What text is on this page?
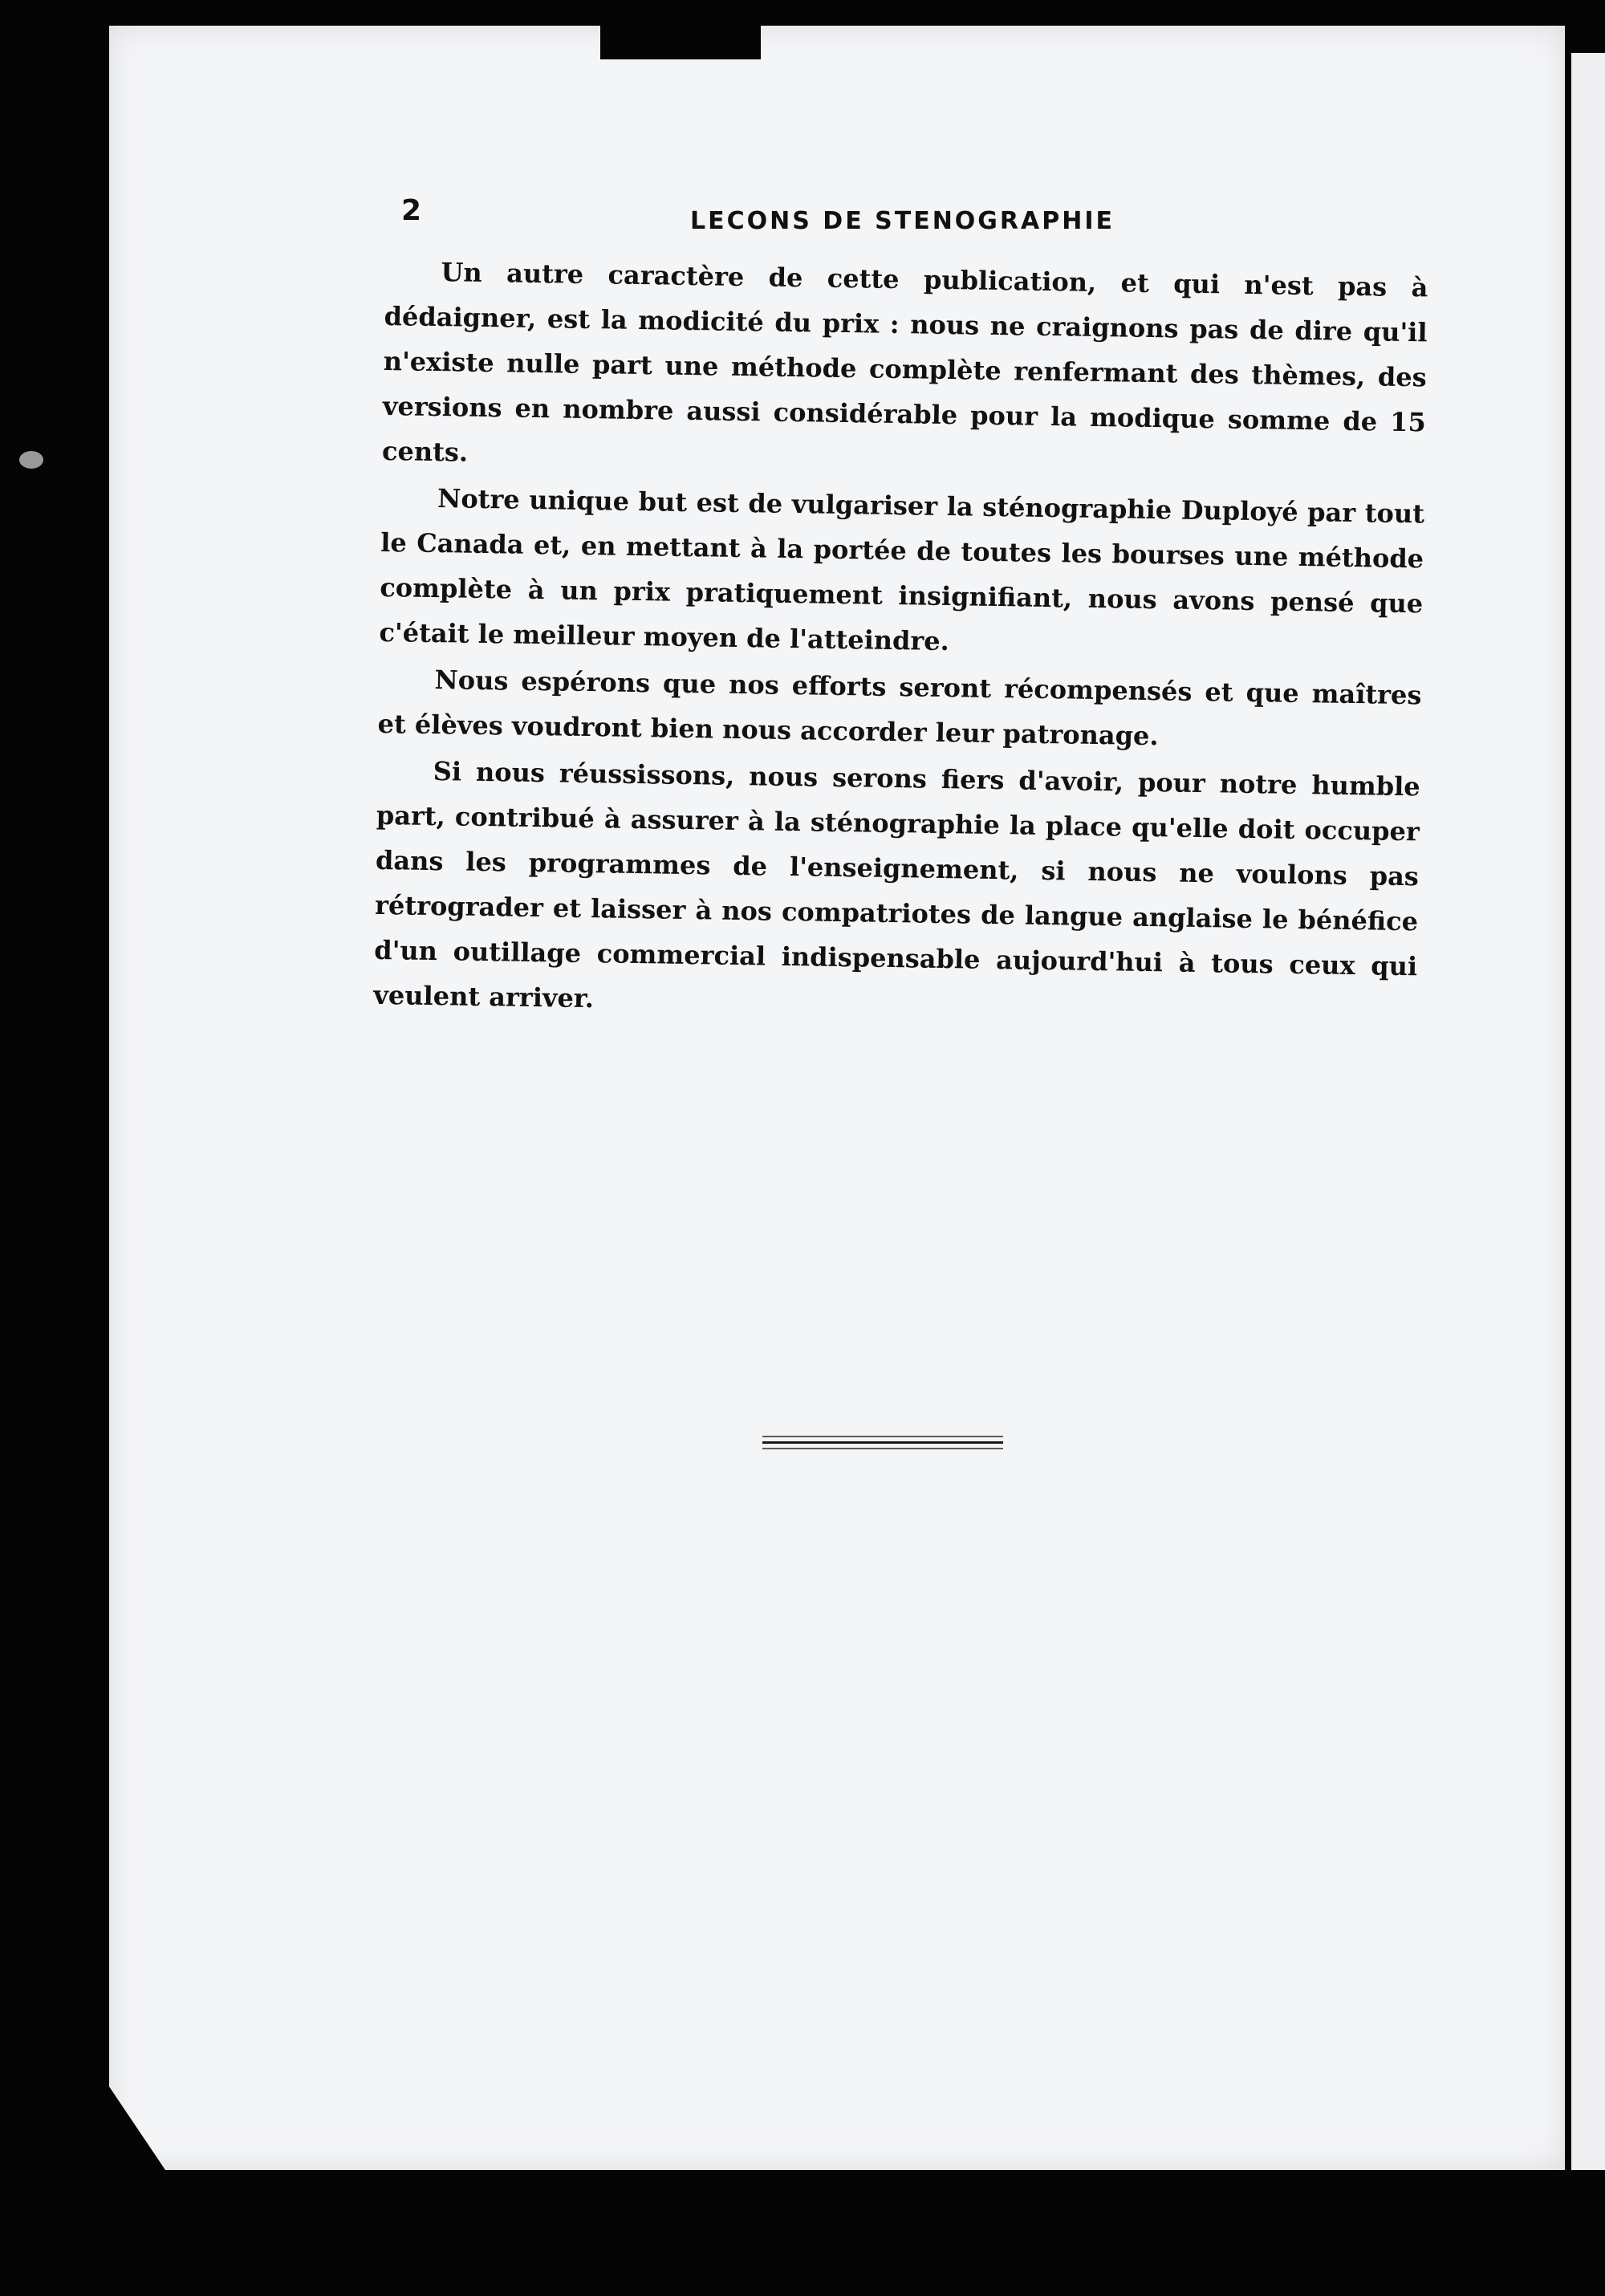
2	LECONS DE STENOGRAPHIE

Un autre caractère de cette publication, et qui n'est pas à dédaigner, est la modicité du prix : nous ne craignons pas de dire qu'il n'existe nulle part une méthode complète renfermant des thèmes, des versions en nombre aussi considérable pour la modique somme de 15 cents.

Notre unique but est de vulgariser la sténographie Duployé par tout le Canada et, en mettant à la portée de toutes les bourses une méthode complète à un prix pratiquement insignifiant, nous avons pensé que c'était le meilleur moyen de l'atteindre.

Nous espérons que nos efforts seront récompensés et que maîtres et élèves voudront bien nous accorder leur patronage.

Si nous réussissons, nous serons fiers d'avoir, pour notre humble part, contribué à assurer à la sténographie la place qu'elle doit occuper dans les programmes de l'enseignement, si nous ne voulons pas rétrograder et laisser à nos compatriotes de langue anglaise le bénéfice d'un outillage commercial indispensable aujourd'hui à tous ceux qui veulent arriver.
